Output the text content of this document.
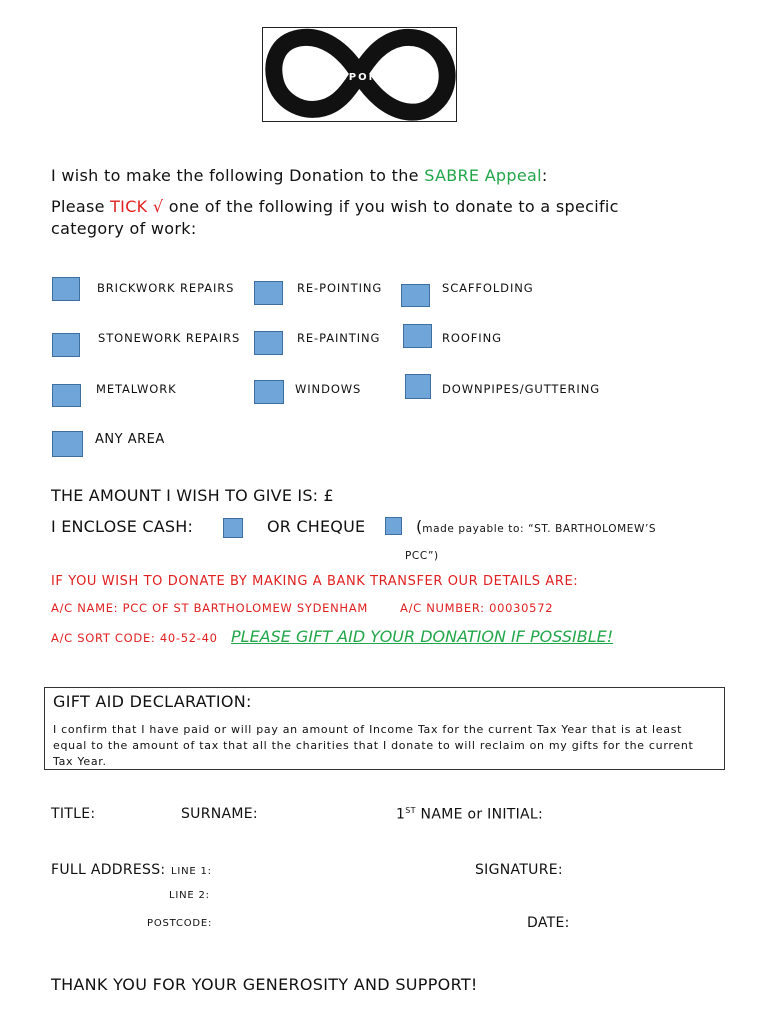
RESPONSE
I wish to make the following Donation to the SABRE Appeal:
Please TICK √ one of the following if you wish to donate to a specific
category of work:
BRICKWORK REPAIRS	RE-POINTING	SCAFFOLDING
STONEWORK REPAIRS	RE-PAINTING	ROOFING
METALWORK	WINDOWS	DOWNPIPES/GUTTERING
ANY AREA
THE AMOUNT I WISH TO GIVE IS: £
I ENCLOSE CASH:	OR CHEQUE	(made payable to: “ST. BARTHOLOMEW’S
PCC”)
IF YOU WISH TO DONATE BY MAKING A BANK TRANSFER OUR DETAILS ARE:
A/C NAME: PCC OF ST BARTHOLOMEW SYDENHAM	A/C NUMBER: 00030572
A/C SORT CODE: 40-52-40 PLEASE GIFT AID YOUR DONATION IF POSSIBLE!
GIFT AID DECLARATION:
I confirm that I have paid or will pay an amount of Income Tax for the current Tax Year that is at least equal to the amount of tax that all the charities that I donate to will reclaim on my gifts for the current Tax Year.
TITLE:	SURNAME:	1ST NAME or INITIAL:
FULL ADDRESS: LINE 1:
LINE 2:
POSTCODE:
SIGNATURE:
DATE:
THANK YOU FOR YOUR GENEROSITY AND SUPPORT!
